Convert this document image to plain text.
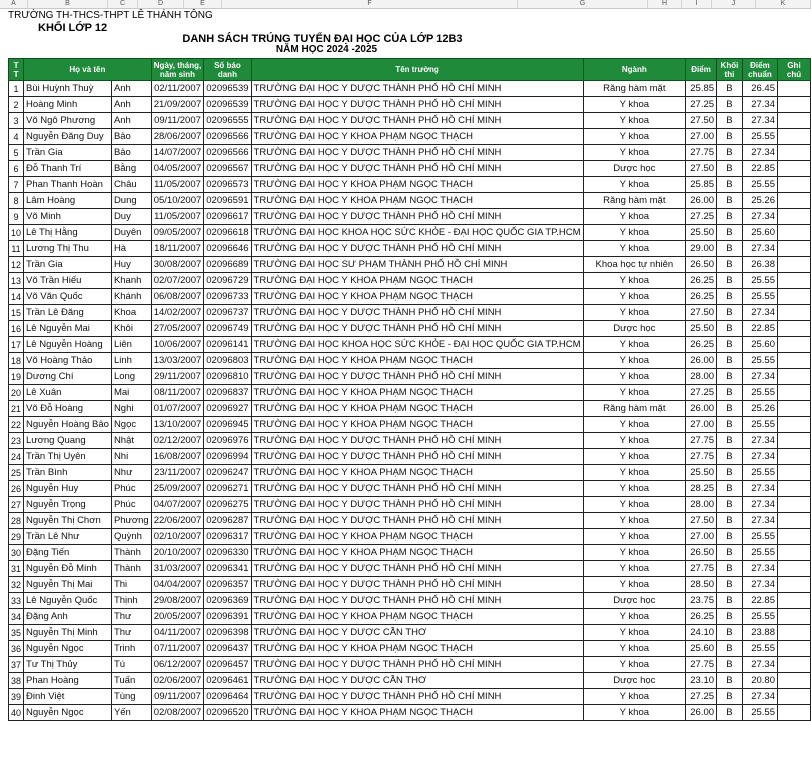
A	B	C	D	E	F	G	H	I	J	K
TRƯỜNG TH-THCS-THPT LÊ THÁNH TÔNG
KHỐI LỚP 12
DANH SÁCH TRÚNG TUYỂN ĐẠI HỌC CỦA LỚP 12B3
NĂM HỌC 2024 -2025
T T	Họ và tên		Ngày, tháng, năm sinh	Số báo danh	Tên trường	Ngành	Điểm	Khối thi	Điểm chuẩn	Ghi chú
1	Bùi Huỳnh Thuỳ	Anh	02/11/2007	02096539	TRƯỜNG ĐẠI HỌC Y DƯỢC THÀNH PHỐ HỒ CHÍ MINH	Răng hàm mặt	25.85	B	26.45	
2	Hoàng Minh	Anh	21/09/2007	02096539	TRƯỜNG ĐẠI HỌC Y DƯỢC THÀNH PHỐ HỒ CHÍ MINH	Y khoa	27.25	B	27.34	
3	Võ Ngô Phương	Anh	09/11/2007	02096555	TRƯỜNG ĐẠI HỌC Y DƯỢC THÀNH PHỐ HỒ CHÍ MINH	Y khoa	27.50	B	27.34	
4	Nguyễn Đăng Duy	Bảo	28/06/2007	02096566	TRƯỜNG ĐẠI HỌC Y KHOA PHẠM NGỌC THẠCH	Y khoa	27.00	B	25.55	
5	Trần Gia	Bảo	14/07/2007	02096566	TRƯỜNG ĐẠI HỌC Y DƯỢC THÀNH PHỐ HỒ CHÍ MINH	Y khoa	27.75	B	27.34	
6	Đỗ Thanh Trí	Bằng	04/05/2007	02096567	TRƯỜNG ĐẠI HỌC Y DƯỢC THÀNH PHỐ HỒ CHÍ MINH	Dược học	27.50	B	22.85	
7	Phan Thanh Hoàn	Châu	11/05/2007	02096573	TRƯỜNG ĐẠI HỌC Y KHOA PHẠM NGỌC THẠCH	Y khoa	25.85	B	25.55	
8	Lâm Hoàng	Dung	05/10/2007	02096591	TRƯỜNG ĐẠI HỌC Y KHOA PHẠM NGỌC THẠCH	Răng hàm mặt	26.00	B	25.26	
9	Võ Minh	Duy	11/05/2007	02096617	TRƯỜNG ĐẠI HỌC Y DƯỢC THÀNH PHỐ HỒ CHÍ MINH	Y khoa	27.25	B	27.34	
10	Lê Thị Hằng	Duyên	09/05/2007	02096618	TRƯỜNG ĐẠI HỌC KHOA HỌC SỨC KHỎE - ĐẠI HỌC QUỐC GIA TP.HCM	Y khoa	25.50	B	25.60	
11	Lương Thị Thu	Hà	18/11/2007	02096646	TRƯỜNG ĐẠI HỌC Y DƯỢC THÀNH PHỐ HỒ CHÍ MINH	Y khoa	29.00	B	27.34	
12	Trần Gia	Huy	30/08/2007	02096689	TRƯỜNG ĐẠI HỌC SƯ PHẠM THÀNH PHỐ HỒ CHÍ MINH	Khoa học tự nhiên	26.50	B	26.38	
13	Võ Trần Hiếu	Khanh	02/07/2007	02096729	TRƯỜNG ĐẠI HỌC Y KHOA PHẠM NGỌC THẠCH	Y khoa	26.25	B	25.55	
14	Võ Văn Quốc	Khánh	06/08/2007	02096733	TRƯỜNG ĐẠI HỌC Y KHOA PHẠM NGỌC THẠCH	Y khoa	26.25	B	25.55	
15	Trần Lê Đăng	Khoa	14/02/2007	02096737	TRƯỜNG ĐẠI HỌC Y DƯỢC THÀNH PHỐ HỒ CHÍ MINH	Y khoa	27.50	B	27.34	
16	Lê Nguyễn Mai	Khôi	27/05/2007	02096749	TRƯỜNG ĐẠI HỌC Y DƯỢC THÀNH PHỐ HỒ CHÍ MINH	Dược học	25.50	B	22.85	
17	Lê Nguyễn Hoàng	Liên	10/06/2007	02096141	TRƯỜNG ĐẠI HỌC KHOA HỌC SỨC KHỎE - ĐẠI HỌC QUỐC GIA TP.HCM	Y khoa	26.25	B	25.60	
18	Võ Hoàng Thảo	Linh	13/03/2007	02096803	TRƯỜNG ĐẠI HỌC Y KHOA PHẠM NGỌC THẠCH	Y khoa	26.00	B	25.55	
19	Dương Chí	Long	29/11/2007	02096810	TRƯỜNG ĐẠI HỌC Y DƯỢC THÀNH PHỐ HỒ CHÍ MINH	Y khoa	28.00	B	27.34	
20	Lê Xuân	Mai	08/11/2007	02096837	TRƯỜNG ĐẠI HỌC Y KHOA PHẠM NGỌC THẠCH	Y khoa	27.25	B	25.55	
21	Võ Đỗ Hoàng	Nghi	01/07/2007	02096927	TRƯỜNG ĐẠI HỌC Y KHOA PHẠM NGỌC THẠCH	Răng hàm mặt	26.00	B	25.26	
22	Nguyễn Hoàng Bảo	Ngọc	13/10/2007	02096945	TRƯỜNG ĐẠI HỌC Y KHOA PHẠM NGỌC THẠCH	Y khoa	27.00	B	25.55	
23	Lương Quang	Nhật	02/12/2007	02096976	TRƯỜNG ĐẠI HỌC Y DƯỢC THÀNH PHỐ HỒ CHÍ MINH	Y khoa	27.75	B	27.34	
24	Trần Thị Uyên	Nhi	16/08/2007	02096994	TRƯỜNG ĐẠI HỌC Y DƯỢC THÀNH PHỐ HỒ CHÍ MINH	Y khoa	27.75	B	27.34	
25	Trần Bình	Như	23/11/2007	02096247	TRƯỜNG ĐẠI HỌC Y KHOA PHẠM NGỌC THẠCH	Y khoa	25.50	B	25.55	
26	Nguyễn Huy	Phúc	25/09/2007	02096271	TRƯỜNG ĐẠI HỌC Y DƯỢC THÀNH PHỐ HỒ CHÍ MINH	Y khoa	28.25	B	27.34	
27	Nguyễn Trọng	Phúc	04/07/2007	02096275	TRƯỜNG ĐẠI HỌC Y DƯỢC THÀNH PHỐ HỒ CHÍ MINH	Y khoa	28.00	B	27.34	
28	Nguyễn Thị Chơn	Phương	22/06/2007	02096287	TRƯỜNG ĐẠI HỌC Y DƯỢC THÀNH PHỐ HỒ CHÍ MINH	Y khoa	27.50	B	27.34	
29	Trần Lê Như	Quỳnh	02/10/2007	02096317	TRƯỜNG ĐẠI HỌC Y KHOA PHẠM NGỌC THẠCH	Y khoa	27.00	B	25.55	
30	Đặng Tiến	Thành	20/10/2007	02096330	TRƯỜNG ĐẠI HỌC Y KHOA PHẠM NGỌC THẠCH	Y khoa	26.50	B	25.55	
31	Nguyễn Đỗ Minh	Thành	31/03/2007	02096341	TRƯỜNG ĐẠI HỌC Y DƯỢC THÀNH PHỐ HỒ CHÍ MINH	Y khoa	27.75	B	27.34	
32	Nguyễn Thị Mai	Thi	04/04/2007	02096357	TRƯỜNG ĐẠI HỌC Y DƯỢC THÀNH PHỐ HỒ CHÍ MINH	Y khoa	28.50	B	27.34	
33	Lê Nguyễn Quốc	Thịnh	29/08/2007	02096369	TRƯỜNG ĐẠI HỌC Y DƯỢC THÀNH PHỐ HỒ CHÍ MINH	Dược học	23.75	B	22.85	
34	Đặng Anh	Thư	20/05/2007	02096391	TRƯỜNG ĐẠI HỌC Y KHOA PHẠM NGỌC THẠCH	Y khoa	26.25	B	25.55	
35	Nguyễn Thị Minh	Thư	04/11/2007	02096398	TRƯỜNG ĐẠI HỌC Y DƯỢC CẦN THƠ	Y khoa	24.10	B	23.88	
36	Nguyễn Ngọc	Trinh	07/11/2007	02096437	TRƯỜNG ĐẠI HỌC Y KHOA PHẠM NGỌC THẠCH	Y khoa	25.60	B	25.55	
37	Tư Thị Thủy	Tú	06/12/2007	02096457	TRƯỜNG ĐẠI HỌC Y DƯỢC THÀNH PHỐ HỒ CHÍ MINH	Y khoa	27.75	B	27.34	
38	Phan Hoàng	Tuấn	02/06/2007	02096461	TRƯỜNG ĐẠI HỌC Y DƯỢC CẦN THƠ	Dược học	23.10	B	20.80	
39	Đinh Việt	Tùng	09/11/2007	02096464	TRƯỜNG ĐẠI HỌC Y DƯỢC THÀNH PHỐ HỒ CHÍ MINH	Y khoa	27.25	B	27.34	
40	Nguyễn Ngọc	Yến	02/08/2007	02096520	TRƯỜNG ĐẠI HỌC Y KHOA PHẠM NGỌC THẠCH	Y khoa	26.00	B	25.55	
